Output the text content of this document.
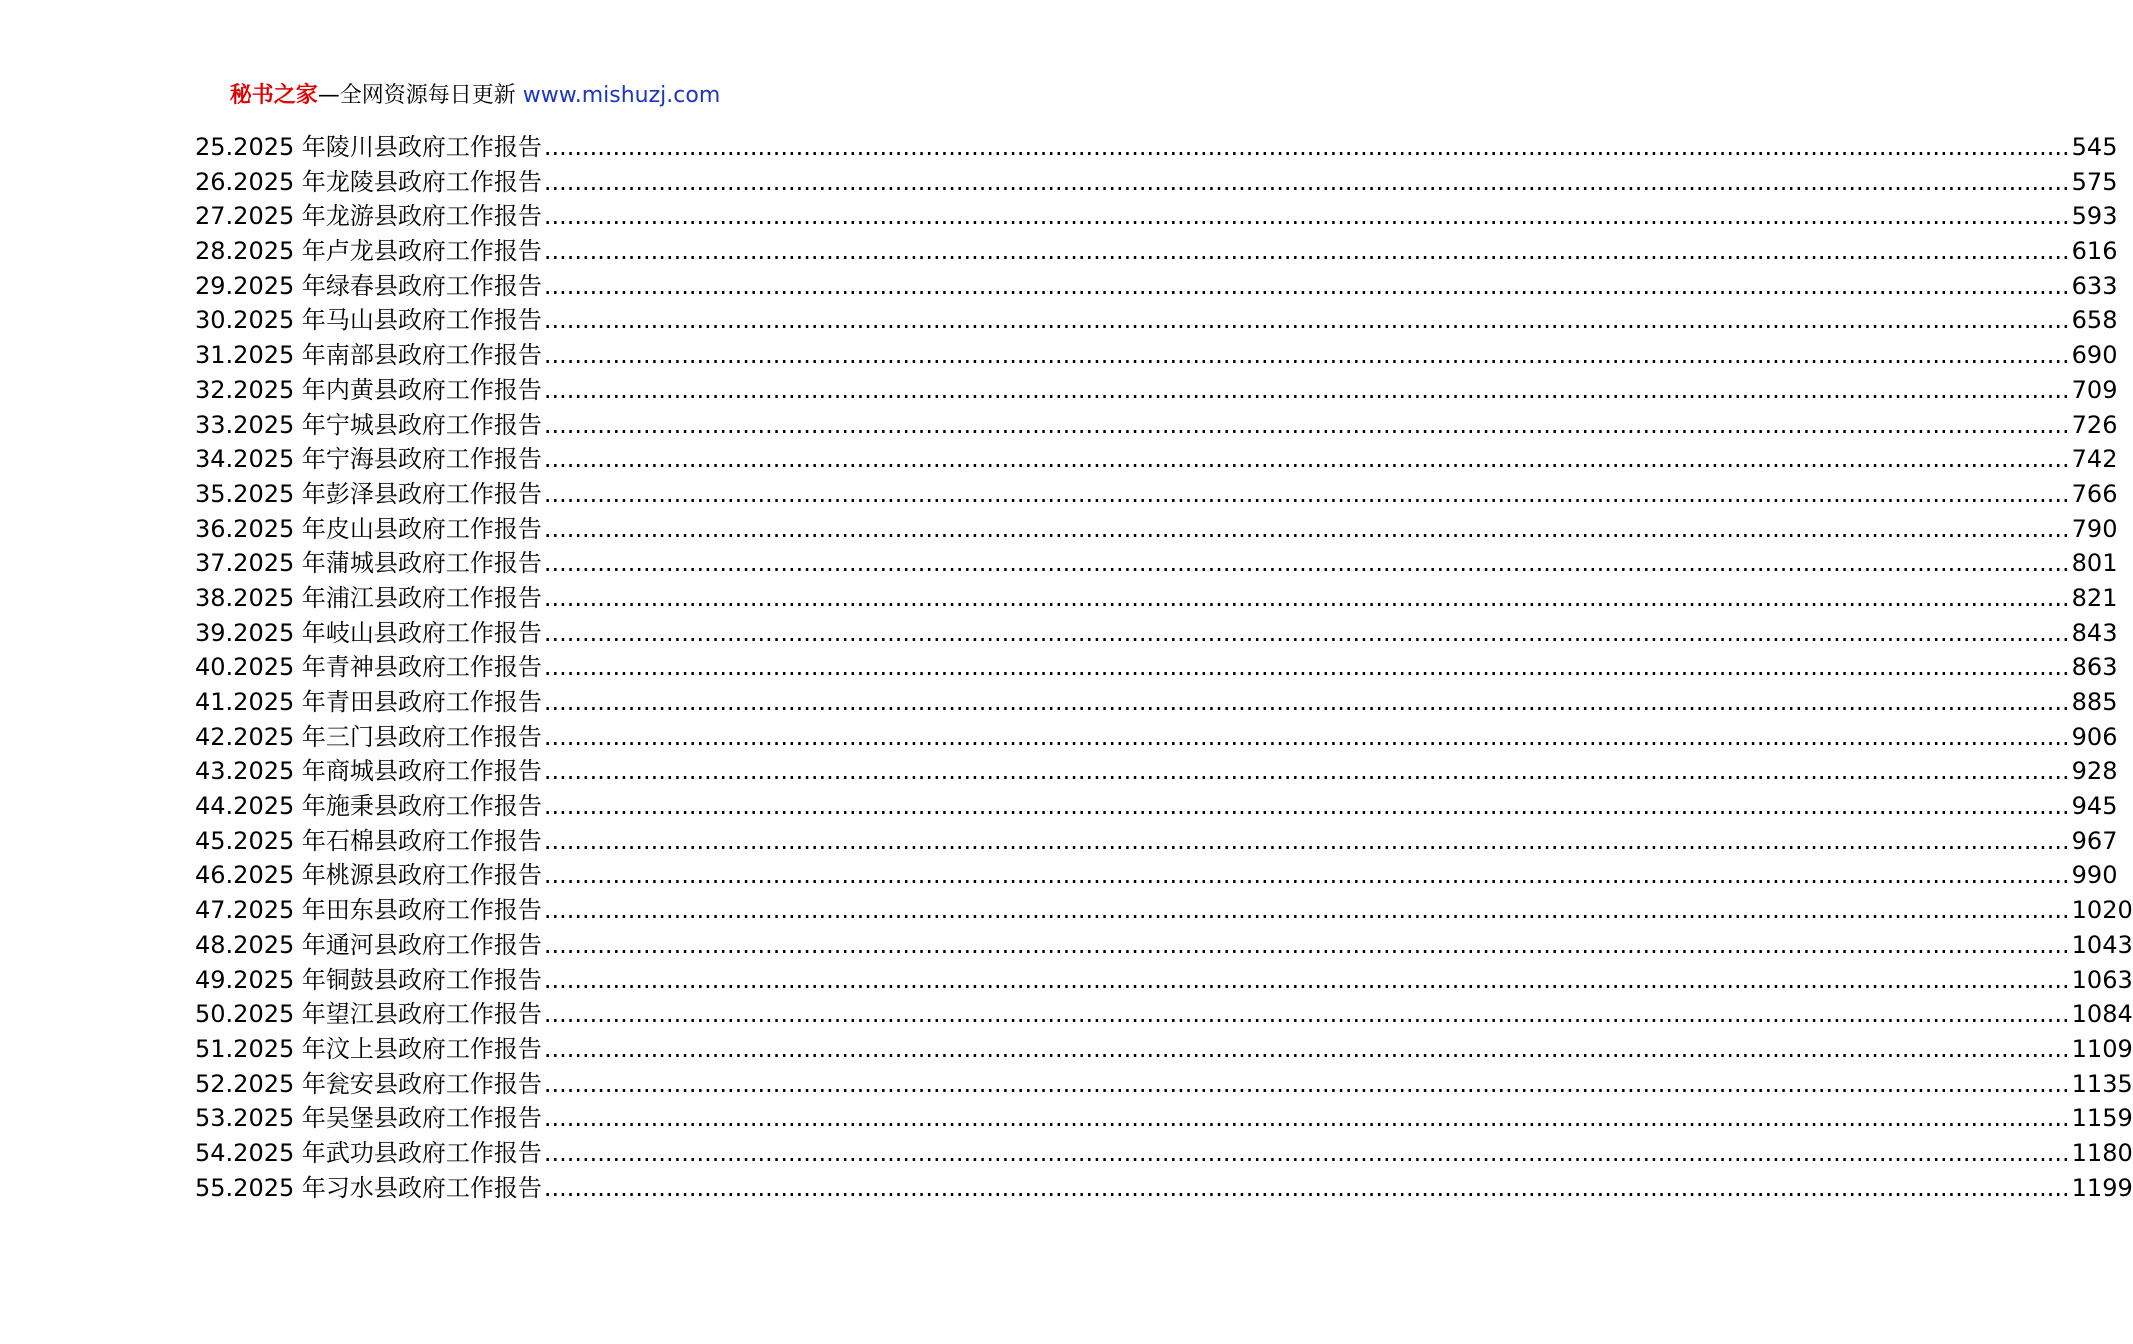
秘书之家—全网资源每日更新 www.mishuzj.com
25.2025 年陵川县政府工作报告 ........................................................................................................................................................................................................ 545
26.2025 年龙陵县政府工作报告 ........................................................................................................................................................................................................ 575
27.2025 年龙游县政府工作报告 ........................................................................................................................................................................................................ 593
28.2025 年卢龙县政府工作报告 ........................................................................................................................................................................................................ 616
29.2025 年绿春县政府工作报告 ........................................................................................................................................................................................................ 633
30.2025 年马山县政府工作报告 ........................................................................................................................................................................................................ 658
31.2025 年南部县政府工作报告 ........................................................................................................................................................................................................ 690
32.2025 年内黄县政府工作报告 ........................................................................................................................................................................................................ 709
33.2025 年宁城县政府工作报告 ........................................................................................................................................................................................................ 726
34.2025 年宁海县政府工作报告 ........................................................................................................................................................................................................ 742
35.2025 年彭泽县政府工作报告 ........................................................................................................................................................................................................ 766
36.2025 年皮山县政府工作报告 ........................................................................................................................................................................................................ 790
37.2025 年蒲城县政府工作报告 ........................................................................................................................................................................................................ 801
38.2025 年浦江县政府工作报告 ........................................................................................................................................................................................................ 821
39.2025 年岐山县政府工作报告 ........................................................................................................................................................................................................ 843
40.2025 年青神县政府工作报告 ........................................................................................................................................................................................................ 863
41.2025 年青田县政府工作报告 ........................................................................................................................................................................................................ 885
42.2025 年三门县政府工作报告 ........................................................................................................................................................................................................ 906
43.2025 年商城县政府工作报告 ........................................................................................................................................................................................................ 928
44.2025 年施秉县政府工作报告 ........................................................................................................................................................................................................ 945
45.2025 年石棉县政府工作报告 ........................................................................................................................................................................................................ 967
46.2025 年桃源县政府工作报告 ........................................................................................................................................................................................................ 990
47.2025 年田东县政府工作报告 ........................................................................................................................................................................................................ 1020
48.2025 年通河县政府工作报告 ........................................................................................................................................................................................................ 1043
49.2025 年铜鼓县政府工作报告 ........................................................................................................................................................................................................ 1063
50.2025 年望江县政府工作报告 ........................................................................................................................................................................................................ 1084
51.2025 年汶上县政府工作报告 ........................................................................................................................................................................................................ 1109
52.2025 年瓮安县政府工作报告 ........................................................................................................................................................................................................ 1135
53.2025 年吴堡县政府工作报告 ........................................................................................................................................................................................................ 1159
54.2025 年武功县政府工作报告 ........................................................................................................................................................................................................ 1180
55.2025 年习水县政府工作报告 ........................................................................................................................................................................................................ 1199
